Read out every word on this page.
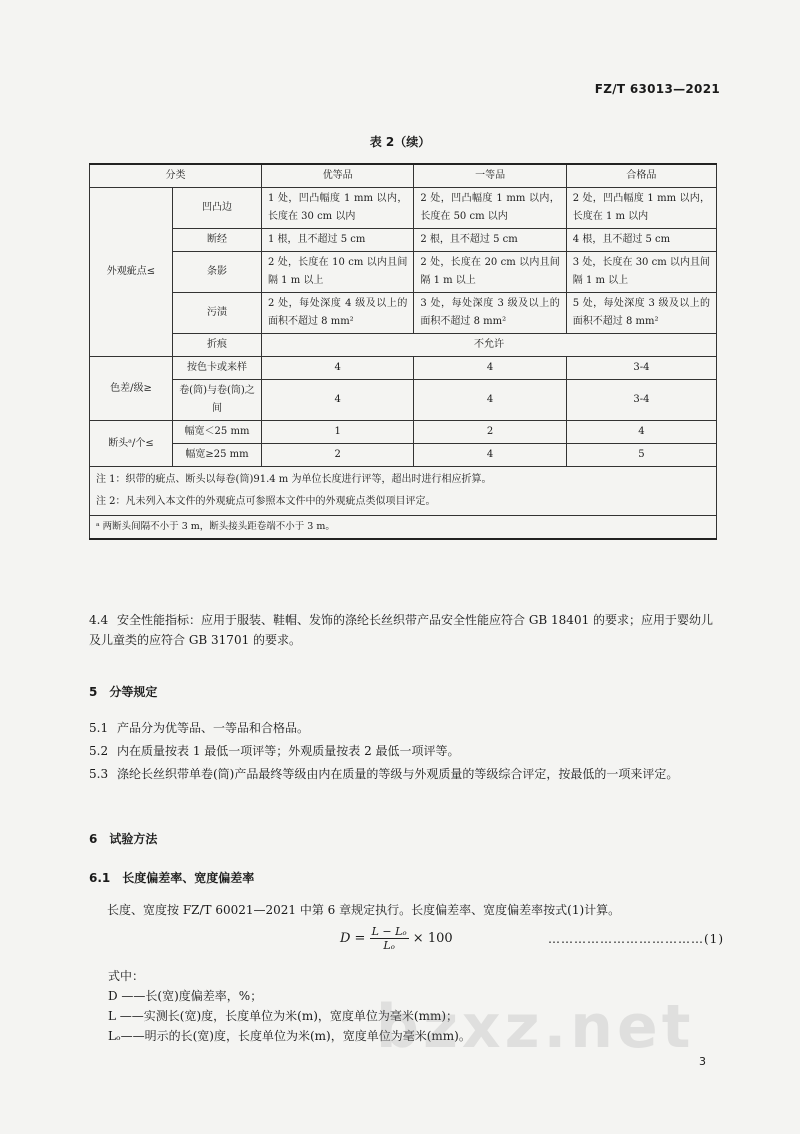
FZ/T 63013—2021
表 2（续）
分类		优等品	一等品	合格品
外观疵点≤	凹凸边	1 处，凹凸幅度 1 mm 以内，长度在 30 cm 以内	2 处，凹凸幅度 1 mm 以内，长度在 50 cm 以内	2 处，凹凸幅度 1 mm 以内，长度在 1 m 以内
	断经	1 根，且不超过 5 cm	2 根，且不超过 5 cm	4 根，且不超过 5 cm
	条影	2 处，长度在 10 cm 以内且间隔 1 m 以上	2 处，长度在 20 cm 以内且间隔 1 m 以上	3 处，长度在 30 cm 以内且间隔 1 m 以上
	污渍	2 处，每处深度 4 级及以上的面积不超过 8 mm²	3 处，每处深度 3 级及以上的面积不超过 8 mm²	5 处，每处深度 3 级及以上的面积不超过 8 mm²
	折痕	不允许		
色差/级≥	按色卡或来样	4	4	3-4
	卷(筒)与卷(筒)之间	4	4	3-4
断头ᵃ/个≤	幅宽＜25 mm	1	2	4
	幅宽≥25 mm	2	4	5

注 1：织带的疵点、断头以每卷(筒)91.4 m 为单位长度进行评等，超出时进行相应折算。
注 2：凡未列入本文件的外观疵点可参照本文件中的外观疵点类似项目评定。				

ᵃ 两断头间隔不小于 3 m，断头接头距卷端不小于 3 m。				
4.4 安全性能指标：应用于服装、鞋帽、发饰的涤纶长丝织带产品安全性能应符合 GB 18401 的要求；应用于婴幼儿及儿童类的应符合 GB 31701 的要求。
5　分等规定
5.1 产品分为优等品、一等品和合格品。
5.2 内在质量按表 1 最低一项评等；外观质量按表 2 最低一项评等。
5.3 涤纶长丝织带单卷(筒)产品最终等级由内在质量的等级与外观质量的等级综合评定，按最低的一项来评定。
6　试验方法
6.1　长度偏差率、宽度偏差率
长度、宽度按 FZ/T 60021—2021 中第 6 章规定执行。长度偏差率、宽度偏差率按式(1)计算。
$D = \frac{\text{L − Lₒ}}{\text{Lₒ}} \times 100$	………………………………(1)
式中：
D ——长(宽)度偏差率，%；
L ——实测长(宽)度，长度单位为米(m)，宽度单位为毫米(mm)；
Lₒ——明示的长(宽)度，长度单位为米(m)，宽度单位为毫米(mm)。
bzxz.net 3
